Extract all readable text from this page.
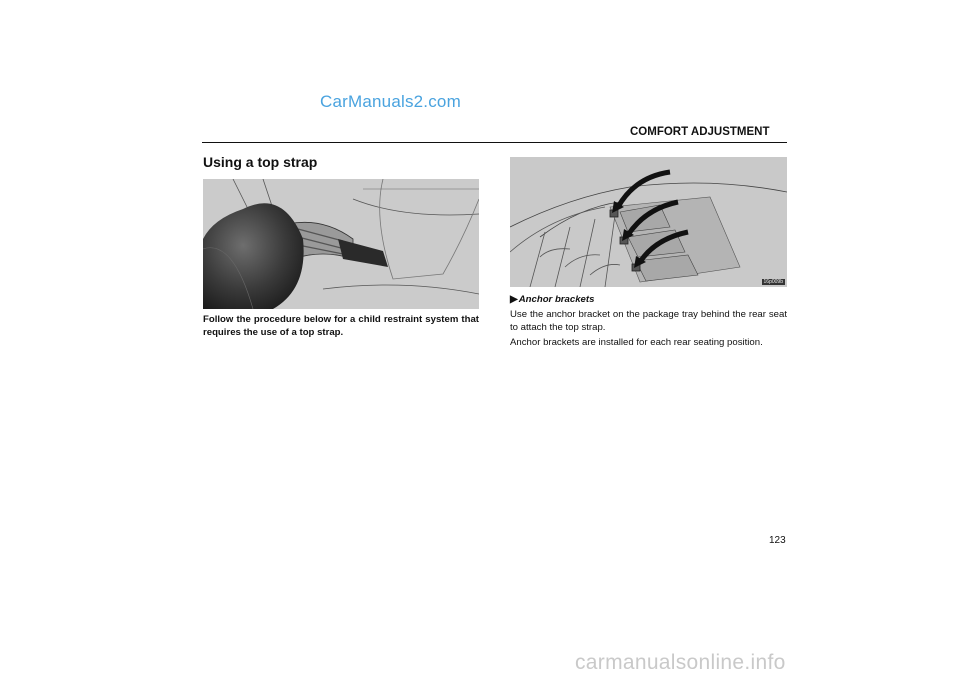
CarManuals2.com
COMFORT ADJUSTMENT
Using a top strap
Follow the procedure below for a child restraint system that requires the use of a top strap.
16p009b
▶Anchor brackets
Use the anchor bracket on the package tray behind the rear seat to attach the top strap.
Anchor brackets are installed for each rear seating position.
123
carmanualsonline.info
